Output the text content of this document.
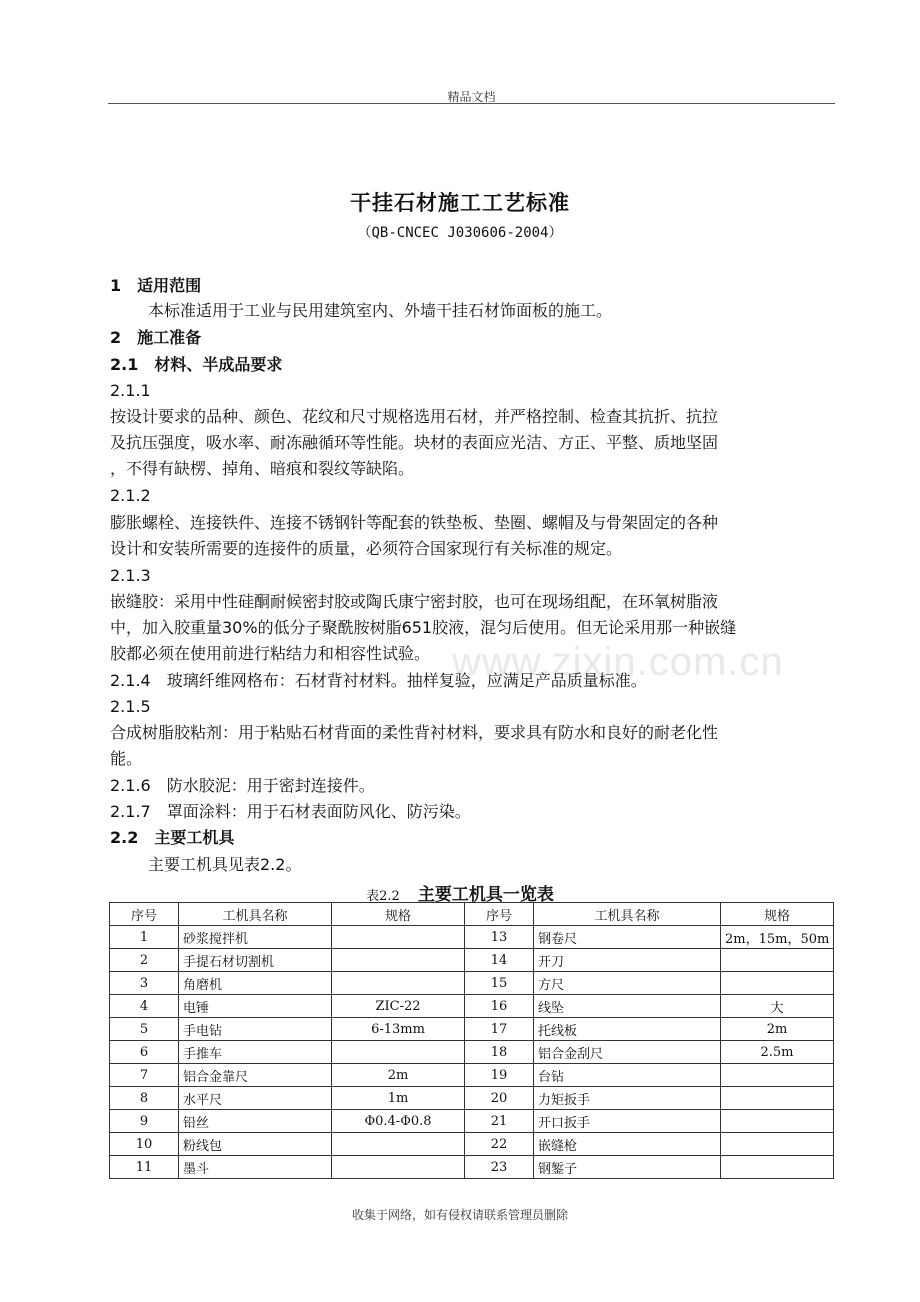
精品文档
www.zixin.com.cn
干挂石材施工工艺标准
（QB-CNCEC J030606-2004）
1　适用范围
本标准适用于工业与民用建筑室内、外墙干挂石材饰面板的施工。
2　施工准备
2.1　材料、半成品要求
2.1.1
按设计要求的品种、颜色、花纹和尺寸规格选用石材，并严格控制、检查其抗折、抗拉
及抗压强度，吸水率、耐冻融循环等性能。块材的表面应光洁、方正、平整、质地坚固
，不得有缺楞、掉角、暗痕和裂纹等缺陷。
2.1.2
膨胀螺栓、连接铁件、连接不锈钢针等配套的铁垫板、垫圈、螺帽及与骨架固定的各种
设计和安装所需要的连接件的质量，必须符合国家现行有关标准的规定。
2.1.3
嵌缝胶：采用中性硅酮耐候密封胶或陶氏康宁密封胶，也可在现场组配，在环氧树脂液
中，加入胶重量30%的低分子聚酰胺树脂651胶液，混匀后使用。但无论采用那一种嵌缝
胶都必须在使用前进行粘结力和相容性试验。
2.1.4　玻璃纤维网格布：石材背衬材料。抽样复验，应满足产品质量标准。
2.1.5
合成树脂胶粘剂：用于粘贴石材背面的柔性背衬材料，要求具有防水和良好的耐老化性
能。
2.1.6　防水胶泥：用于密封连接件。
2.1.7　罩面涂料：用于石材表面防风化、防污染。
2.2　主要工机具
主要工机具见表2.2。
表2.2 主要工机具一览表
序号	工机具名称	规格	序号	工机具名称	规格
1	砂浆搅拌机		13	钢卷尺	2m，15m，50m
2	手提石材切割机		14	开刀	
3	角磨机		15	方尺	
4	电锤	ZIC-22	16	线坠	大
5	手电钻	6-13mm	17	托线板	2m
6	手推车		18	铝合金刮尺	2.5m
7	铝合金靠尺	2m	19	台钻	
8	水平尺	1m	20	力矩扳手	
9	铅丝	Φ0.4-Φ0.8	21	开口扳手	
10	粉线包		22	嵌缝枪	
11	墨斗		23	钢錾子	
收集于网络，如有侵权请联系管理员删除
